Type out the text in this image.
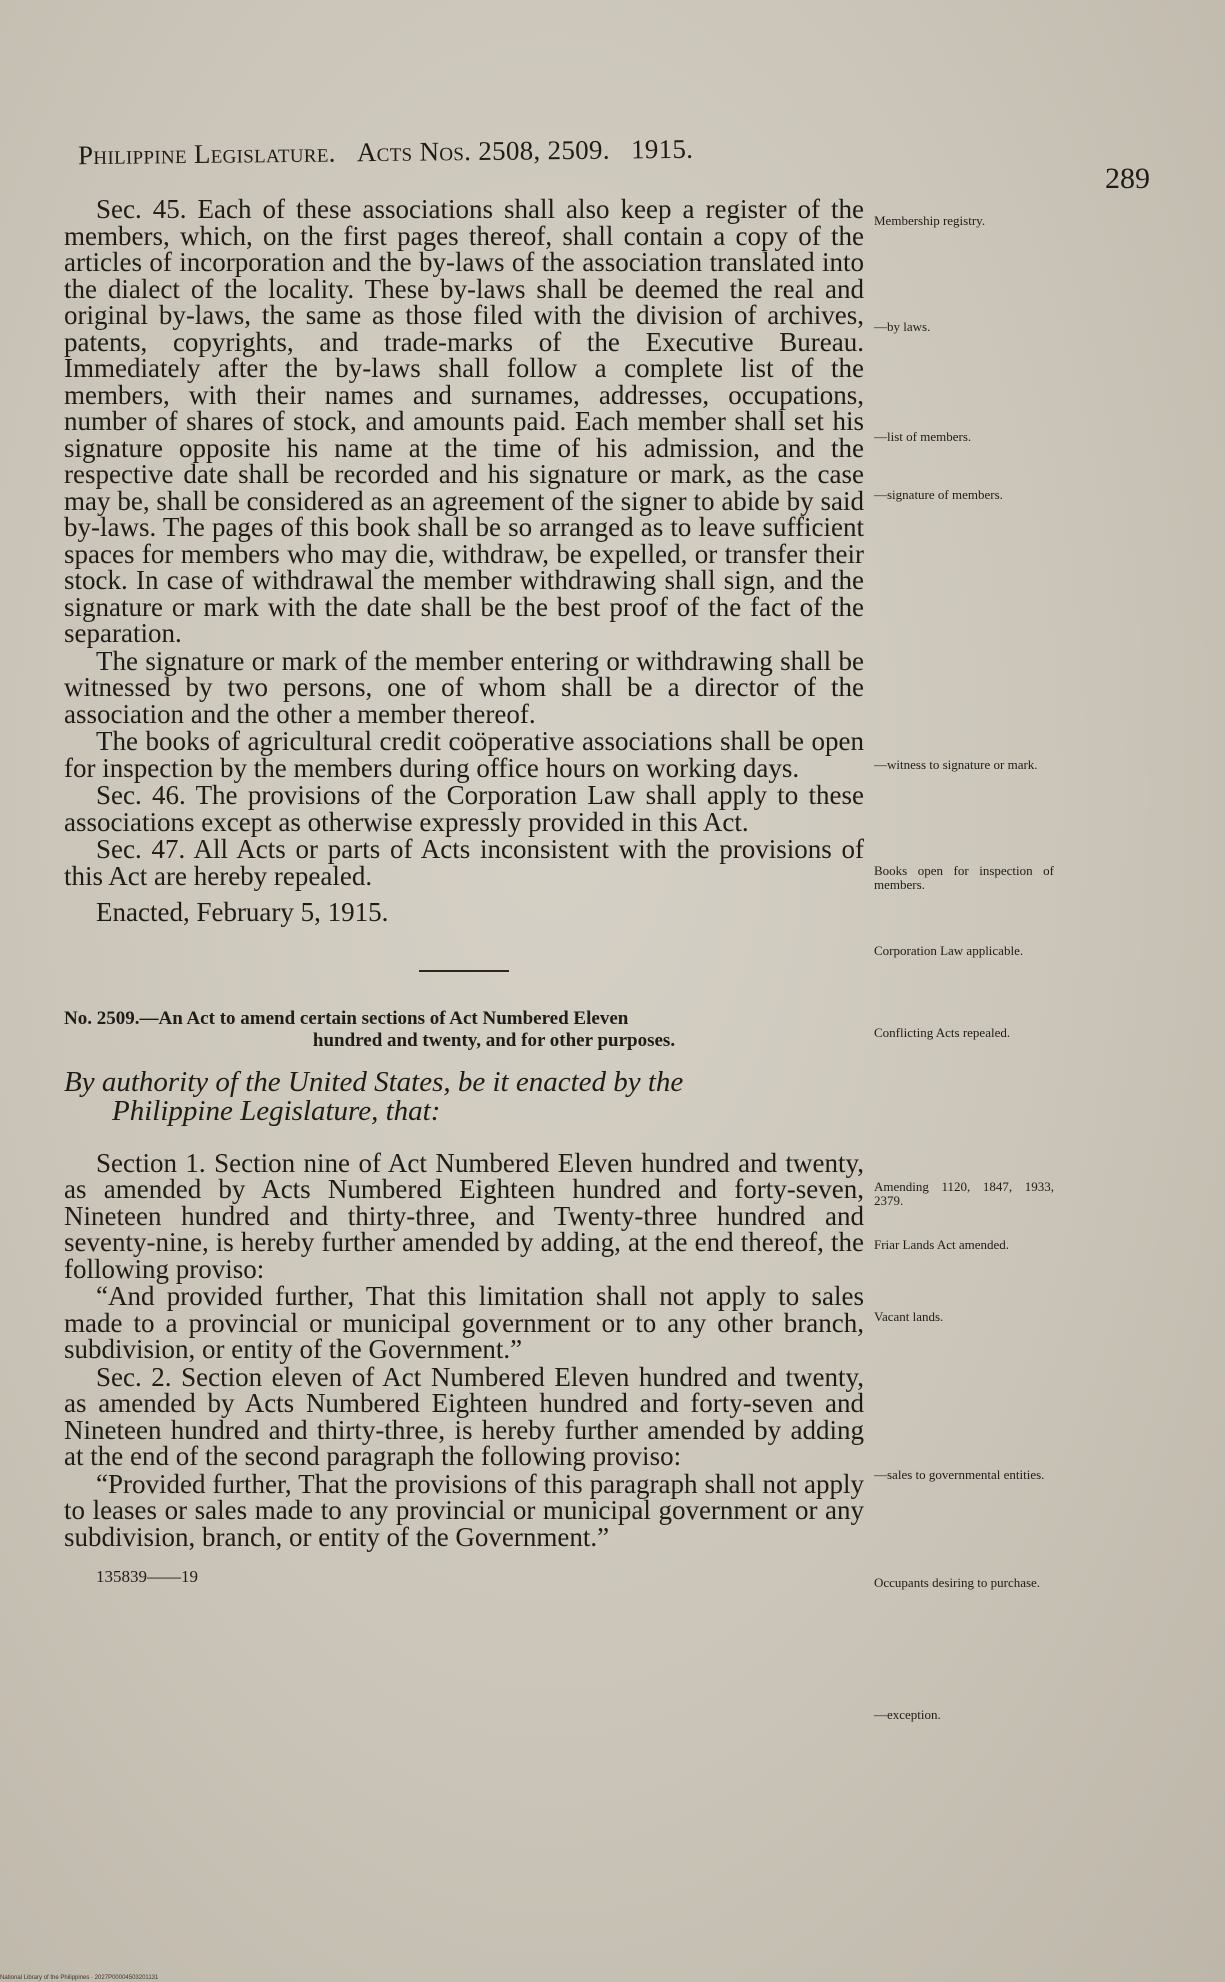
Philippine Legislature. Acts Nos. 2508, 2509. 1915.
289

Sec. 45. Each of these associations shall also keep a register of the members, which, on the first pages thereof, shall contain a copy of the articles of incorporation and the by-laws of the association translated into the dialect of the locality. These by-laws shall be deemed the real and original by-laws, the same as those filed with the division of archives, patents, copyrights, and trade-marks of the Executive Bureau. Immediately after the by-laws shall follow a complete list of the members, with their names and surnames, addresses, occupations, number of shares of stock, and amounts paid. Each member shall set his signature opposite his name at the time of his admission, and the respective date shall be recorded and his signature or mark, as the case may be, shall be considered as an agreement of the signer to abide by said by-laws. The pages of this book shall be so arranged as to leave sufficient spaces for members who may die, withdraw, be expelled, or transfer their stock. In case of withdrawal the member withdrawing shall sign, and the signature or mark with the date shall be the best proof of the fact of the separation.

The signature or mark of the member entering or withdrawing shall be witnessed by two persons, one of whom shall be a director of the association and the other a member thereof.

The books of agricultural credit coöperative associations shall be open for inspection by the members during office hours on working days.

Sec. 46. The provisions of the Corporation Law shall apply to these associations except as otherwise expressly provided in this Act.

Sec. 47. All Acts or parts of Acts inconsistent with the provisions of this Act are hereby repealed.

Enacted, February 5, 1915.

No. 2509.—An Act to amend certain sections of Act Numbered Eleven
hundred and twenty, and for other purposes.

By authority of the United States, be it enacted by the
Philippine Legislature, that:

Section 1. Section nine of Act Numbered Eleven hundred and twenty, as amended by Acts Numbered Eighteen hundred and forty-seven, Nineteen hundred and thirty-three, and Twenty-three hundred and seventy-nine, is hereby further amended by adding, at the end thereof, the following proviso:

“And provided further, That this limitation shall not apply to sales made to a provincial or municipal government or to any other branch, subdivision, or entity of the Government.”

Sec. 2. Section eleven of Act Numbered Eleven hundred and twenty, as amended by Acts Numbered Eighteen hundred and forty-seven and Nineteen hundred and thirty-three, is hereby further amended by adding at the end of the second paragraph the following proviso:

“Provided further, That the provisions of this paragraph shall not apply to leases or sales made to any provincial or municipal government or any subdivision, branch, or entity of the Government.”

135839——19

Membership registry.
—by laws.
—list of members.
—signature of members.
—witness to signature or mark.
Books open for inspection of members.
Corporation Law applicable.
Conflicting Acts repealed.
Amending 1120, 1847, 1933, 2379.
Friar Lands Act amended.
Vacant lands.
—sales to governmental entities.
Occupants desiring to purchase.
—exception.
National Library of the Philippines · 2027P00004503201131
